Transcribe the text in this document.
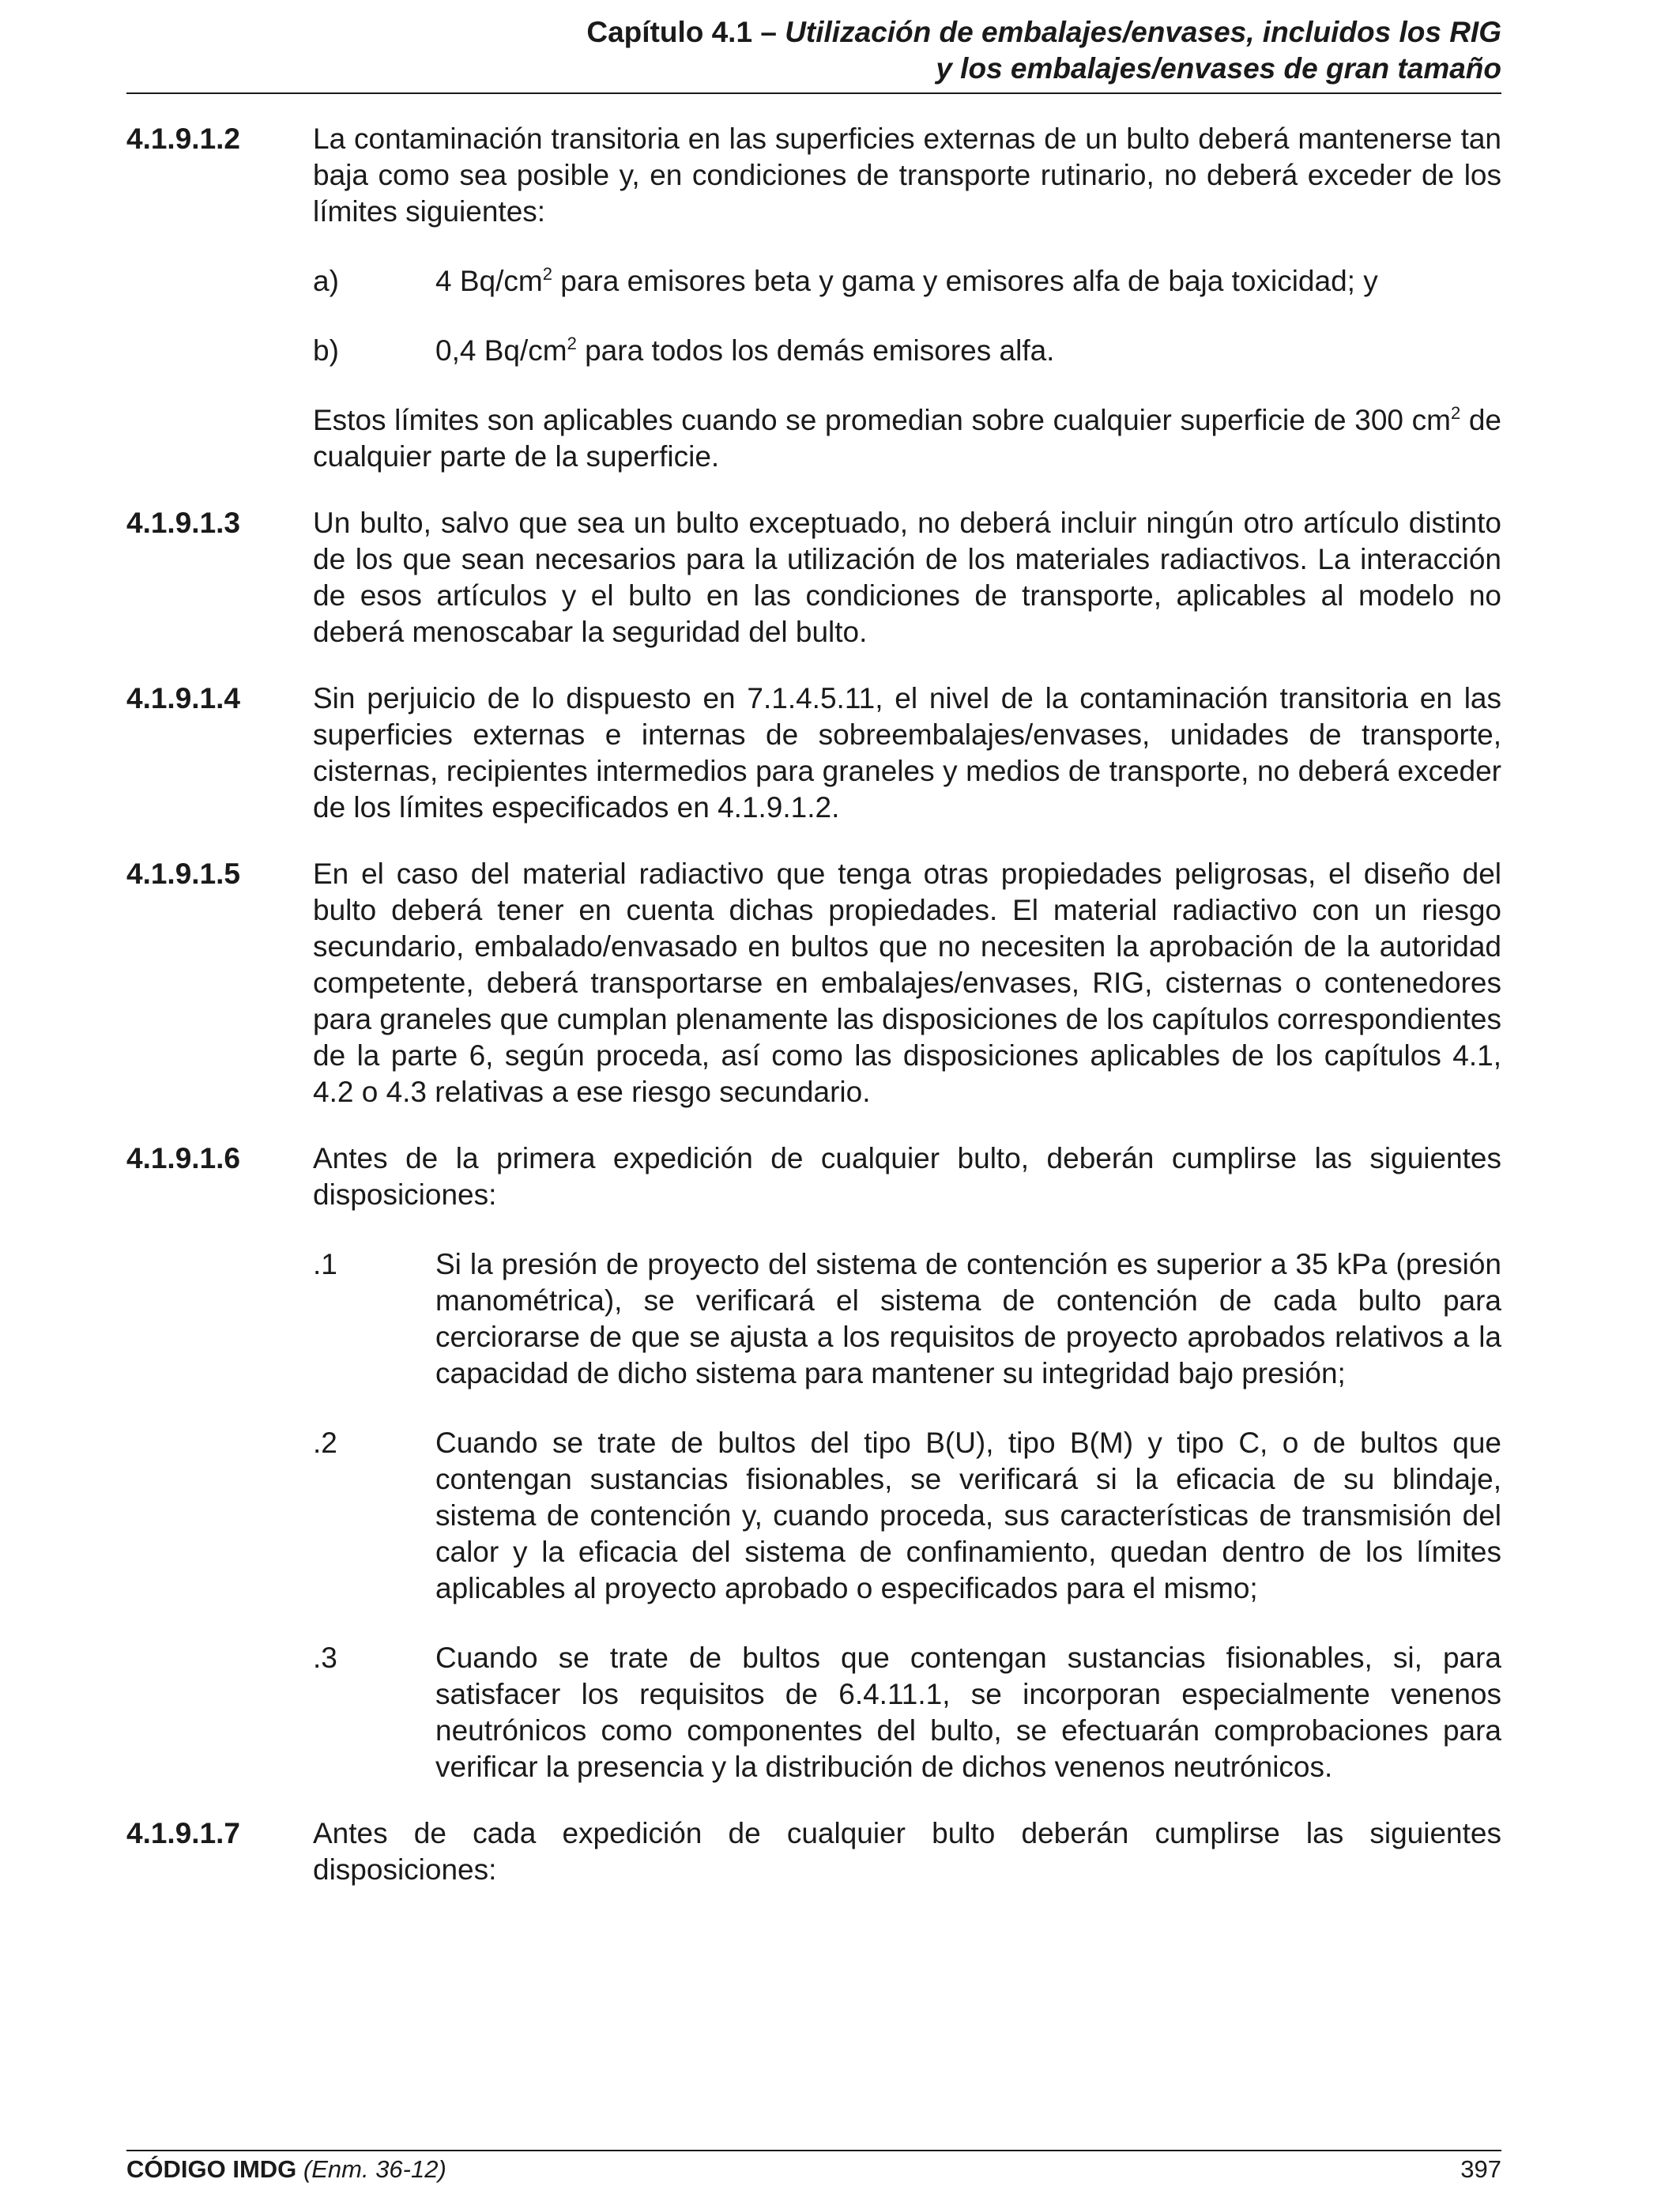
Capítulo 4.1 – Utilización de embalajes/envases, incluidos los RIG
y los embalajes/envases de gran tamaño
4.1.9.1.2 La contaminación transitoria en las superficies externas de un bulto deberá mantenerse tan baja como sea posible y, en condiciones de transporte rutinario, no deberá exceder de los límites siguientes:

a)	4 $Bq/cm^2$ para emisores beta y gama y emisores alfa de baja toxicidad; y
b)	0,4 $Bq/cm^2$ para todos los demás emisores alfa.

Estos límites son aplicables cuando se promedian sobre cualquier superficie de 300 $cm^2$ de cualquier parte de la superficie.

4.1.9.1.3 Un bulto, salvo que sea un bulto exceptuado, no deberá incluir ningún otro artículo distinto de los que sean necesarios para la utilización de los materiales radiactivos. La interacción de esos artículos y el bulto en las condiciones de transporte, aplicables al modelo no deberá menoscabar la seguridad del bulto.

4.1.9.1.4 Sin perjuicio de lo dispuesto en 7.1.4.5.11, el nivel de la contaminación transitoria en las superficies externas e internas de sobreembalajes/envases, unidades de transporte, cisternas, recipientes intermedios para graneles y medios de transporte, no deberá exceder de los límites especificados en 4.1.9.1.2.

4.1.9.1.5 En el caso del material radiactivo que tenga otras propiedades peligrosas, el diseño del bulto deberá tener en cuenta dichas propiedades. El material radiactivo con un riesgo secundario, embalado/envasado en bultos que no necesiten la aprobación de la autoridad competente, deberá transportarse en embalajes/envases, RIG, cisternas o contenedores para graneles que cumplan plenamente las disposiciones de los capítulos correspondientes de la parte 6, según proceda, así como las disposiciones aplicables de los capítulos 4.1, 4.2 o 4.3 relativas a ese riesgo secundario.

4.1.9.1.6 Antes de la primera expedición de cualquier bulto, deberán cumplirse las siguientes disposiciones:

.1	Si la presión de proyecto del sistema de contención es superior a 35 kPa (presión manométrica), se verificará el sistema de contención de cada bulto para cerciorarse de que se ajusta a los requisitos de proyecto aprobados relativos a la capacidad de dicho sistema para mantener su integridad bajo presión;
.2	Cuando se trate de bultos del tipo B(U), tipo B(M) y tipo C, o de bultos que contengan sustancias fisionables, se verificará si la eficacia de su blindaje, sistema de contención y, cuando proceda, sus características de transmisión del calor y la eficacia del sistema de confinamiento, quedan dentro de los límites aplicables al proyecto aprobado o especificados para el mismo;
.3	Cuando se trate de bultos que contengan sustancias fisionables, si, para satisfacer los requisitos de 6.4.11.1, se incorporan especialmente venenos neutrónicos como componentes del bulto, se efectuarán comprobaciones para verificar la presencia y la distribución de dichos venenos neutrónicos.
4.1.9.1.7 Antes de cada expedición de cualquier bulto deberán cumplirse las siguientes disposiciones:

CÓDIGO IMDG (Enm. 36-12)	397
